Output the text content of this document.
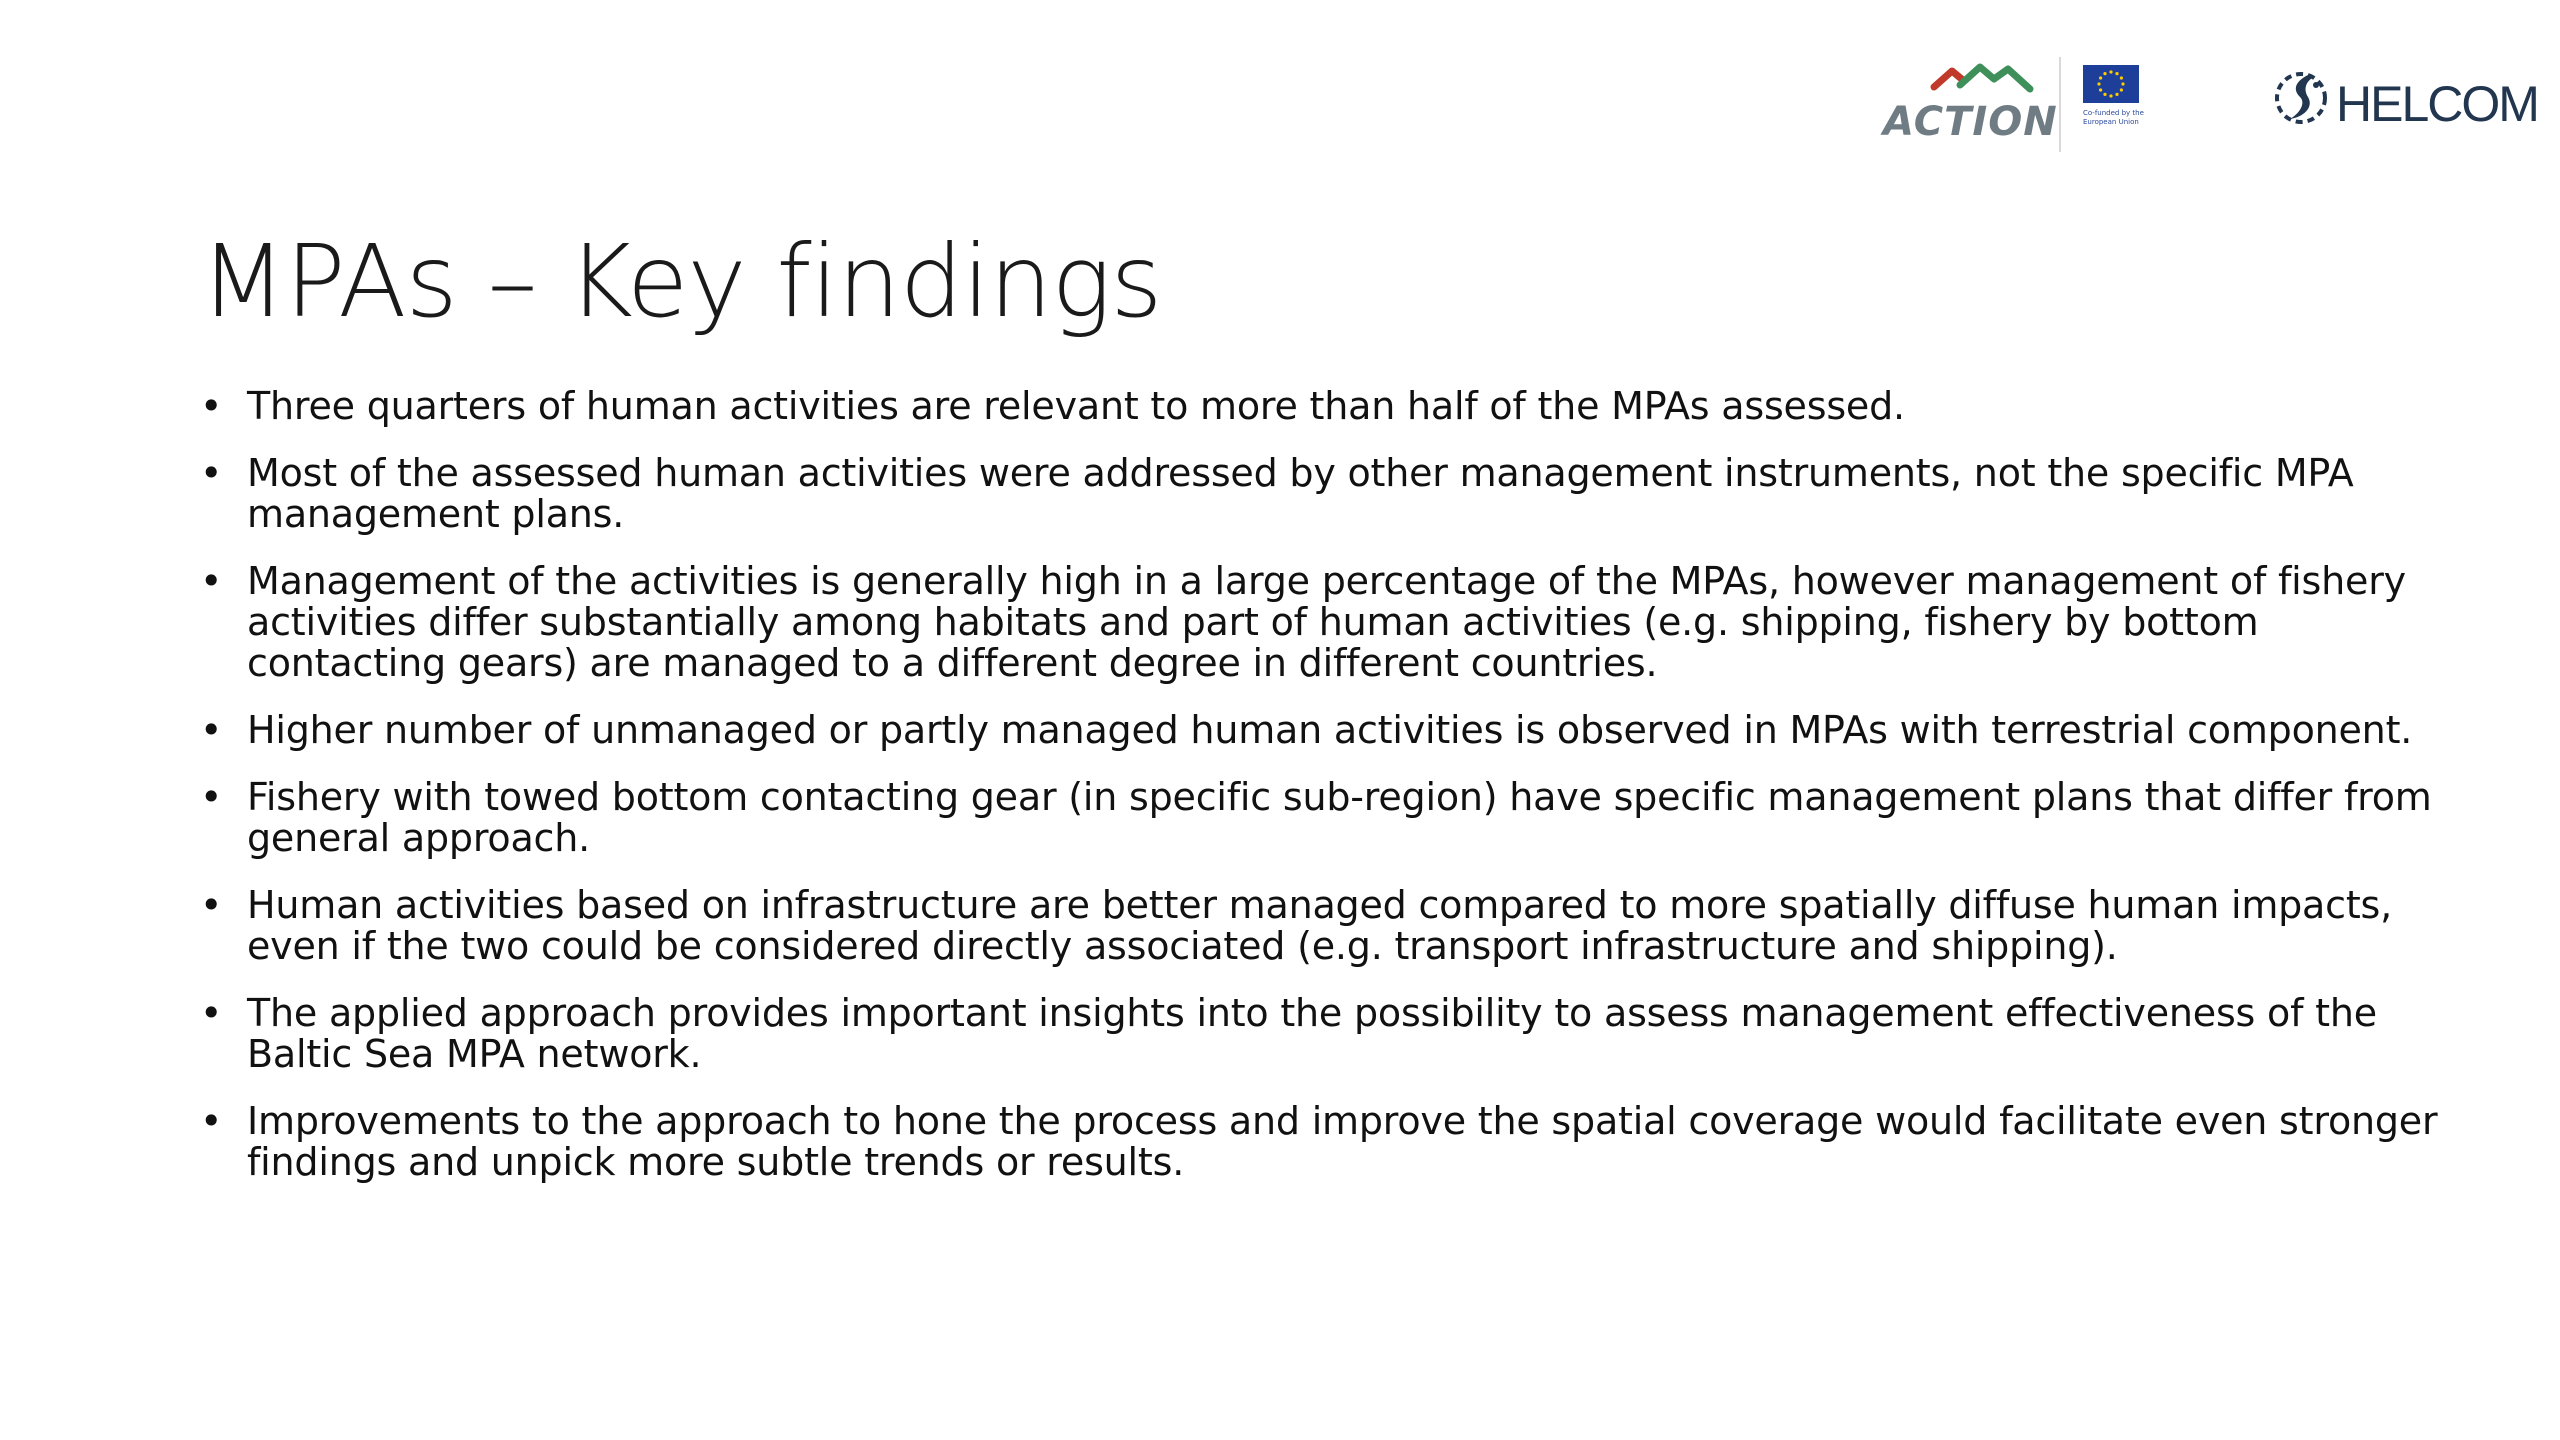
ACTION	Co-funded by the European Union	HELCOM
MPAs – Key findings
• Three quarters of human activities are relevant to more than half of the MPAs assessed.
• Most of the assessed human activities were addressed by other management instruments, not the specific MPA management plans.
• Management of the activities is generally high in a large percentage of the MPAs, however management of fishery activities differ substantially among habitats and part of human activities (e.g. shipping, fishery by bottom contacting gears) are managed to a different degree in different countries.
• Higher number of unmanaged or partly managed human activities is observed in MPAs with terrestrial component.
• Fishery with towed bottom contacting gear (in specific sub-region) have specific management plans that differ from general approach.
• Human activities based on infrastructure are better managed compared to more spatially diffuse human impacts, even if the two could be considered directly associated (e.g. transport infrastructure and shipping).
• The applied approach provides important insights into the possibility to assess management effectiveness of the Baltic Sea MPA network.
• Improvements to the approach to hone the process and improve the spatial coverage would facilitate even stronger findings and unpick more subtle trends or results.
